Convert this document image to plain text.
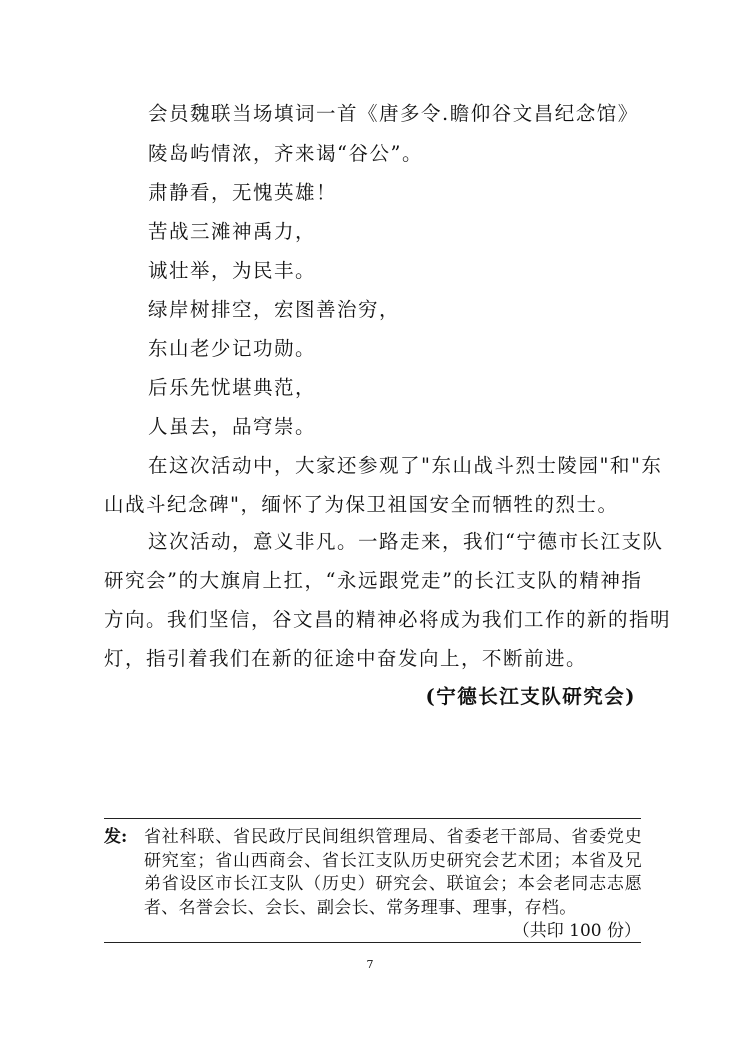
会员魏联当场填词一首《唐多令.瞻仰谷文昌纪念馆》
陵岛屿情浓，齐来谒“谷公”。
肃静看，无愧英雄！
苦战三滩神禹力，
诚壮举，为民丰。
绿岸树排空，宏图善治穷，
东山老少记功勋。
后乐先忧堪典范，
人虽去，品穹崇。
在这次活动中，大家还参观了"东山战斗烈士陵园"和"东
山战斗纪念碑"，缅怀了为保卫祖国安全而牺牲的烈士。
这次活动，意义非凡。一路走来，我们“宁德市长江支队
研究会”的大旗肩上扛，“永远跟党走”的长江支队的精神指
方向。我们坚信，谷文昌的精神必将成为我们工作的新的指明
灯，指引着我们在新的征途中奋发向上，不断前进。
(宁德长江支队研究会)
发: 省社科联、省民政厅民间组织管理局、省委老干部局、省委党史研究室；省山西商会、省长江支队历史研究会艺术团；本省及兄弟省设区市长江支队（历史）研究会、联谊会；本会老同志志愿者、名誉会长、会长、副会长、常务理事、理事，存档。
（共印 100 份）
7
